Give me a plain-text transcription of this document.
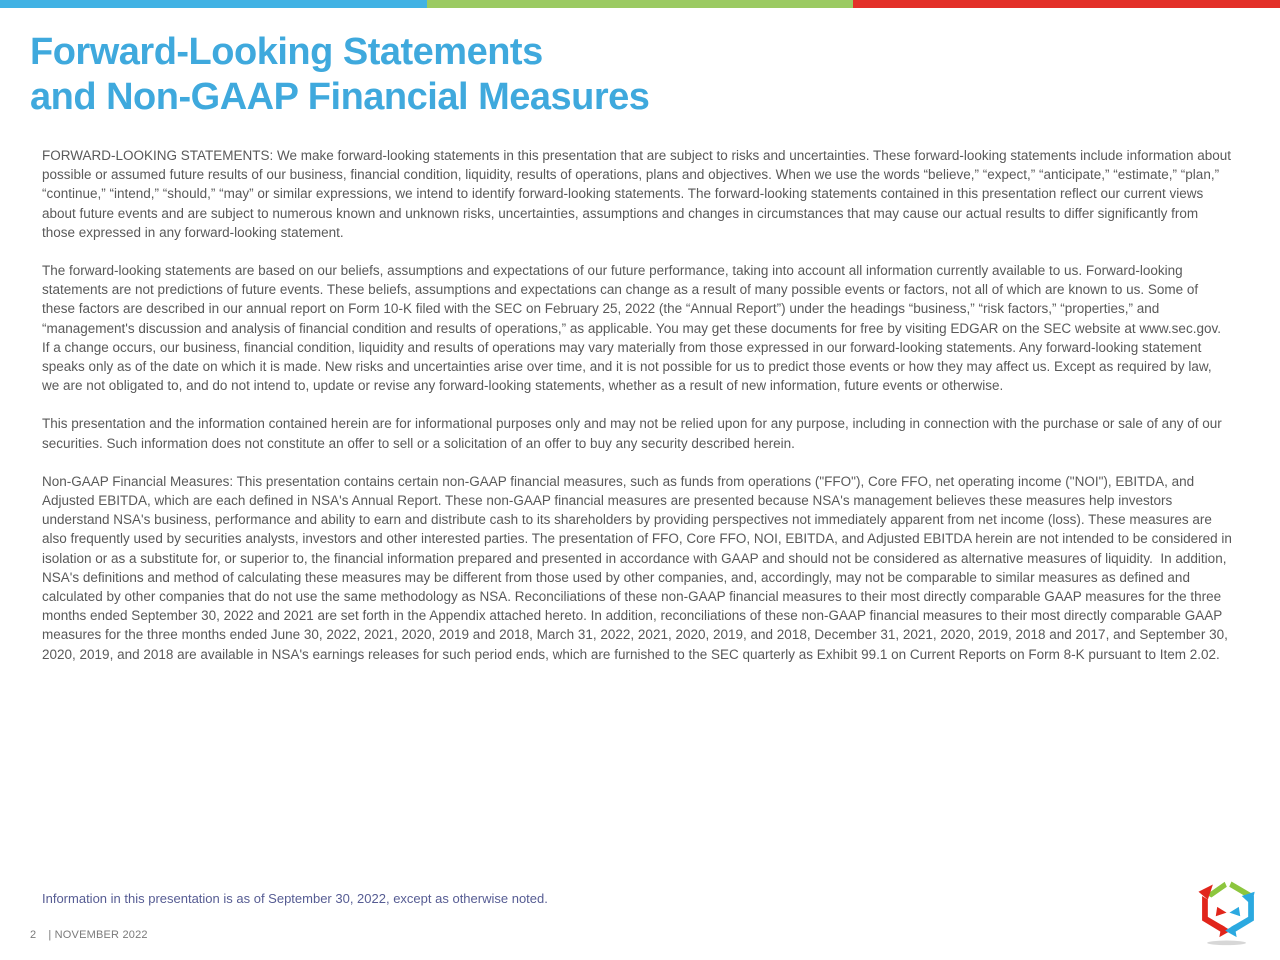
Forward-Looking Statements
and Non-GAAP Financial Measures

FORWARD-LOOKING STATEMENTS: We make forward-looking statements in this presentation that are subject to risks and uncertainties. These forward-looking statements include information about possible or assumed future results of our business, financial condition, liquidity, results of operations, plans and objectives. When we use the words “believe,” “expect,” “anticipate,” “estimate,” “plan,” “continue,” “intend,” “should,” “may” or similar expressions, we intend to identify forward-looking statements. The forward-looking statements contained in this presentation reflect our current views about future events and are subject to numerous known and unknown risks, uncertainties, assumptions and changes in circumstances that may cause our actual results to differ significantly from those expressed in any forward-looking statement.

The forward-looking statements are based on our beliefs, assumptions and expectations of our future performance, taking into account all information currently available to us. Forward-looking statements are not predictions of future events. These beliefs, assumptions and expectations can change as a result of many possible events or factors, not all of which are known to us. Some of these factors are described in our annual report on Form 10-K filed with the SEC on February 25, 2022 (the “Annual Report”) under the headings “business,” “risk factors,” “properties,” and “management's discussion and analysis of financial condition and results of operations,” as applicable. You may get these documents for free by visiting EDGAR on the SEC website at www.sec.gov. If a change occurs, our business, financial condition, liquidity and results of operations may vary materially from those expressed in our forward-looking statements. Any forward-looking statement speaks only as of the date on which it is made. New risks and uncertainties arise over time, and it is not possible for us to predict those events or how they may affect us. Except as required by law, we are not obligated to, and do not intend to, update or revise any forward-looking statements, whether as a result of new information, future events or otherwise.

This presentation and the information contained herein are for informational purposes only and may not be relied upon for any purpose, including in connection with the purchase or sale of any of our securities. Such information does not constitute an offer to sell or a solicitation of an offer to buy any security described herein.

Non-GAAP Financial Measures: This presentation contains certain non-GAAP financial measures, such as funds from operations ("FFO"), Core FFO, net operating income ("NOI"), EBITDA, and Adjusted EBITDA, which are each defined in NSA's Annual Report. These non-GAAP financial measures are presented because NSA's management believes these measures help investors understand NSA's business, performance and ability to earn and distribute cash to its shareholders by providing perspectives not immediately apparent from net income (loss). These measures are also frequently used by securities analysts, investors and other interested parties. The presentation of FFO, Core FFO, NOI, EBITDA, and Adjusted EBITDA herein are not intended to be considered in isolation or as a substitute for, or superior to, the financial information prepared and presented in accordance with GAAP and should not be considered as alternative measures of liquidity.  In addition, NSA's definitions and method of calculating these measures may be different from those used by other companies, and, accordingly, may not be comparable to similar measures as defined and calculated by other companies that do not use the same methodology as NSA. Reconciliations of these non-GAAP financial measures to their most directly comparable GAAP measures for the three months ended September 30, 2022 and 2021 are set forth in the Appendix attached hereto. In addition, reconciliations of these non-GAAP financial measures to their most directly comparable GAAP measures for the three months ended June 30, 2022, 2021, 2020, 2019 and 2018, March 31, 2022, 2021, 2020, 2019, and 2018, December 31, 2021, 2020, 2019, 2018 and 2017, and September 30, 2020, 2019, and 2018 are available in NSA's earnings releases for such period ends, which are furnished to the SEC quarterly as Exhibit 99.1 on Current Reports on Form 8-K pursuant to Item 2.02.

Information in this presentation is as of September 30, 2022, except as otherwise noted.
2 | NOVEMBER 2022
